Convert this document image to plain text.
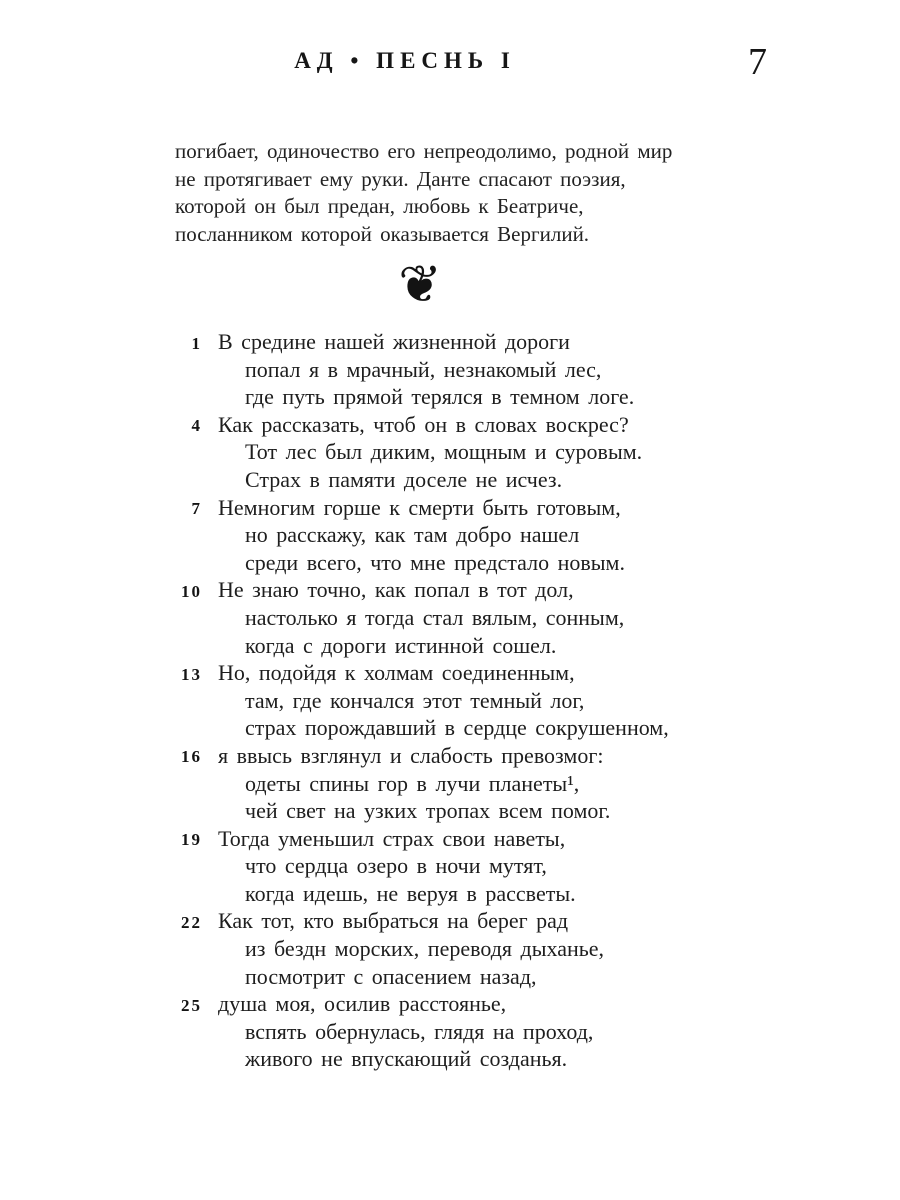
АД • ПЕСНЬ I	7
погибает, одиночество его непреодолимо, родной мир
не протягивает ему руки. Данте спасают поэзия,
которой он был предан, любовь к Беатриче,
посланником которой оказывается Вергилий.
❦
1 В средине нашей жизненной дороги
попал я в мрачный, незнакомый лес,
где путь прямой терялся в темном логе.
4 Как рассказать, чтоб он в словах воскрес?
Тот лес был диким, мощным и суровым.
Страх в памяти доселе не исчез.
7 Немногим горше к смерти быть готовым,
но расскажу, как там добро нашел
среди всего, что мне предстало новым.
10 Не знаю точно, как попал в тот дол,
настолько я тогда стал вялым, сонным,
когда с дороги истинной сошел.
13 Но, подойдя к холмам соединенным,
там, где кончался этот темный лог,
страх порождавший в сердце сокрушенном,
16 я ввысь взглянул и слабость превозмог:
одеты спины гор в лучи планеты¹,
чей свет на узких тропах всем помог.
19 Тогда уменьшил страх свои наветы,
что сердца озеро в ночи мутят,
когда идешь, не веруя в рассветы.
22 Как тот, кто выбраться на берег рад
из бездн морских, переводя дыханье,
посмотрит с опасением назад,
25 душа моя, осилив расстоянье,
вспять обернулась, глядя на проход,
живого не впускающий созданья.
